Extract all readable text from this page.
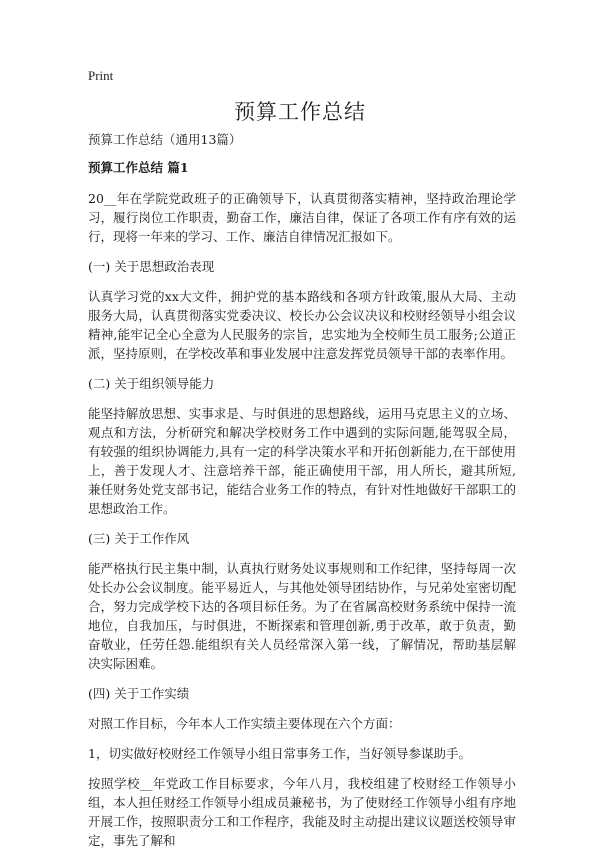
Print
预算工作总结

预算工作总结（通用13篇）

预算工作总结 篇1

20__年在学院党政班子的正确领导下，认真贯彻落实精神，坚持政治理论学习，履行岗位工作职责，勤奋工作，廉洁自律，保证了各项工作有序有效的运行，现将一年来的学习、工作、廉洁自律情况汇报如下。

(一) 关于思想政治表现

认真学习党的xx大文件，拥护党的基本路线和各项方针政策,服从大局、主动服务大局，认真贯彻落实党委决议、校长办公会议决议和校财经领导小组会议精神,能牢记全心全意为人民服务的宗旨，忠实地为全校师生员工服务;公道正派，坚持原则，在学校改革和事业发展中注意发挥党员领导干部的表率作用。

(二) 关于组织领导能力

能坚持解放思想、实事求是、与时俱进的思想路线，运用马克思主义的立场、观点和方法，分析研究和解决学校财务工作中遇到的实际问题,能驾驭全局，有较强的组织协调能力,具有一定的科学决策水平和开拓创新能力,在干部使用上，善于发现人才、注意培养干部，能正确使用干部，用人所长，避其所短,兼任财务处党支部书记，能结合业务工作的特点，有针对性地做好干部职工的思想政治工作。

(三) 关于工作作风

能严格执行民主集中制，认真执行财务处议事规则和工作纪律，坚持每周一次处长办公会议制度。能平易近人，与其他处领导团结协作，与兄弟处室密切配合，努力完成学校下达的各项目标任务。为了在省属高校财务系统中保持一流地位，自我加压，与时俱进，不断探索和管理创新,勇于改革，敢于负责，勤奋敬业，任劳任怨.能组织有关人员经常深入第一线，了解情况，帮助基层解决实际困难。

(四) 关于工作实绩

对照工作目标，今年本人工作实绩主要体现在六个方面：

1，切实做好校财经工作领导小组日常事务工作，当好领导参谋助手。

按照学校__年党政工作目标要求，今年八月，我校组建了校财经工作领导小组，本人担任财经工作领导小组成员兼秘书，为了使财经工作领导小组有序地开展工作，按照职责分工和工作程序，我能及时主动提出建议议题送校领导审定，事先了解和
